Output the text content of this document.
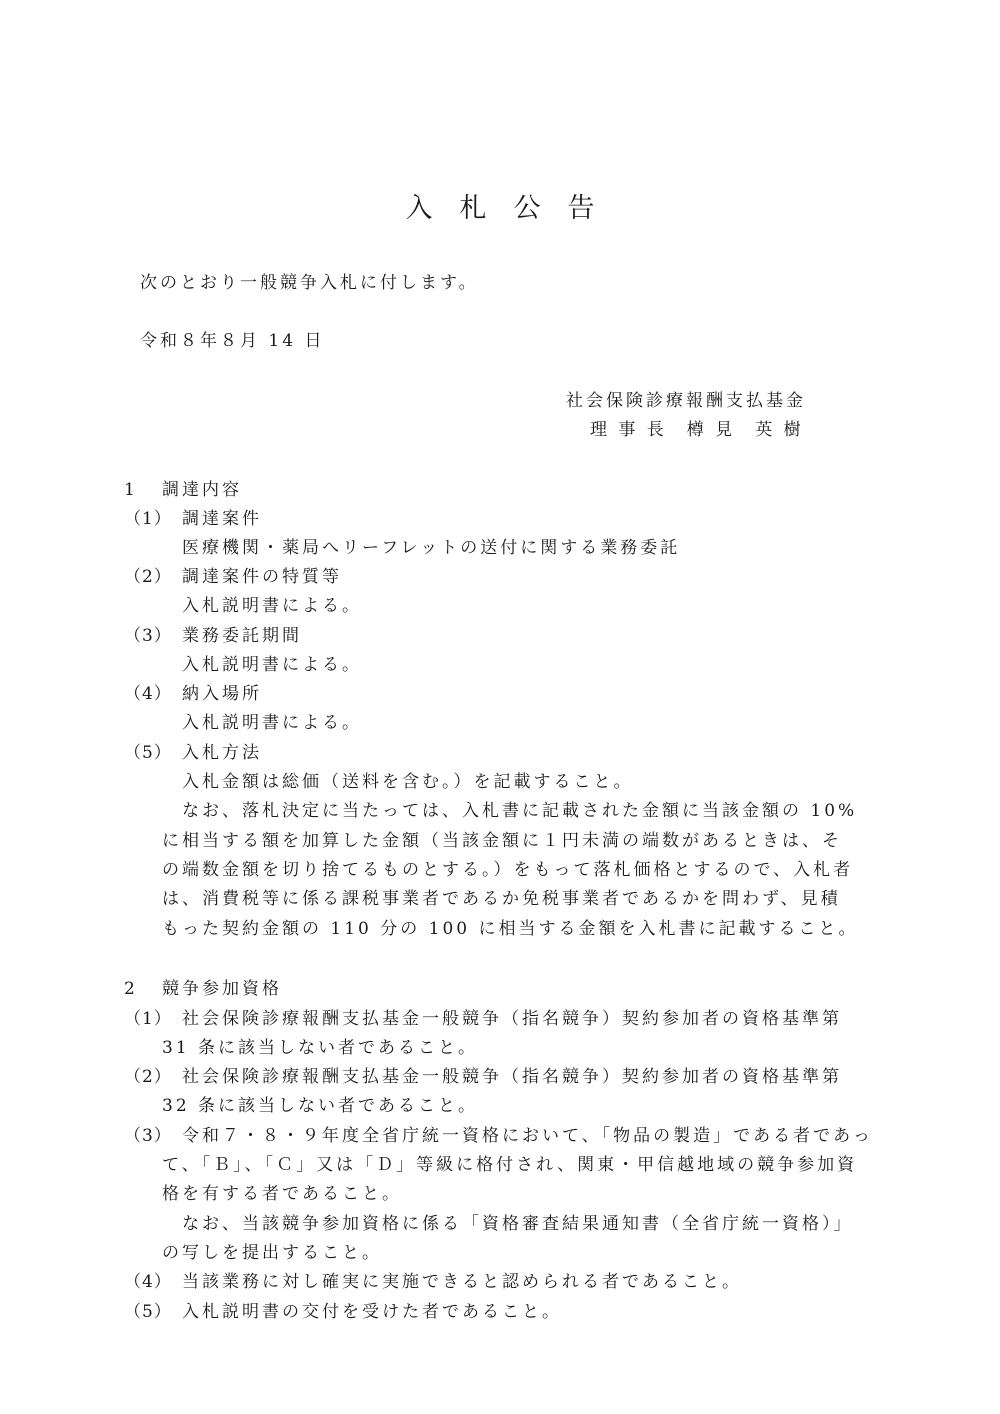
入　札　公　告
次のとおり一般競争入札に付します。
令和８年８月 14 日
社会保険診療報酬支払基金
理 事 長　樽 見　英 樹
1 調達内容
（1） 調達案件
医療機関・薬局へリーフレットの送付に関する業務委託
（2） 調達案件の特質等
入札説明書による。
（3） 業務委託期間
入札説明書による。
（4） 納入場所
入札説明書による。
（5） 入札方法
入札金額は総価（送料を含む。）を記載すること。
なお、落札決定に当たっては、入札書に記載された金額に当該金額の 10%
に相当する額を加算した金額（当該金額に１円未満の端数があるときは、そ
の端数金額を切り捨てるものとする。）をもって落札価格とするので、入札者
は、消費税等に係る課税事業者であるか免税事業者であるかを問わず、見積
もった契約金額の 110 分の 100 に相当する金額を入札書に記載すること。
2 競争参加資格
（1） 社会保険診療報酬支払基金一般競争（指名競争）契約参加者の資格基準第
31 条に該当しない者であること。
（2） 社会保険診療報酬支払基金一般競争（指名競争）契約参加者の資格基準第
32 条に該当しない者であること。
（3） 令和７・８・９年度全省庁統一資格において、「物品の製造」である者であっ
て、「Ｂ」、「Ｃ」又は「Ｄ」等級に格付され、関東・甲信越地域の競争参加資
格を有する者であること。
なお、当該競争参加資格に係る「資格審査結果通知書（全省庁統一資格）」
の写しを提出すること。
（4） 当該業務に対し確実に実施できると認められる者であること。
（5） 入札説明書の交付を受けた者であること。
